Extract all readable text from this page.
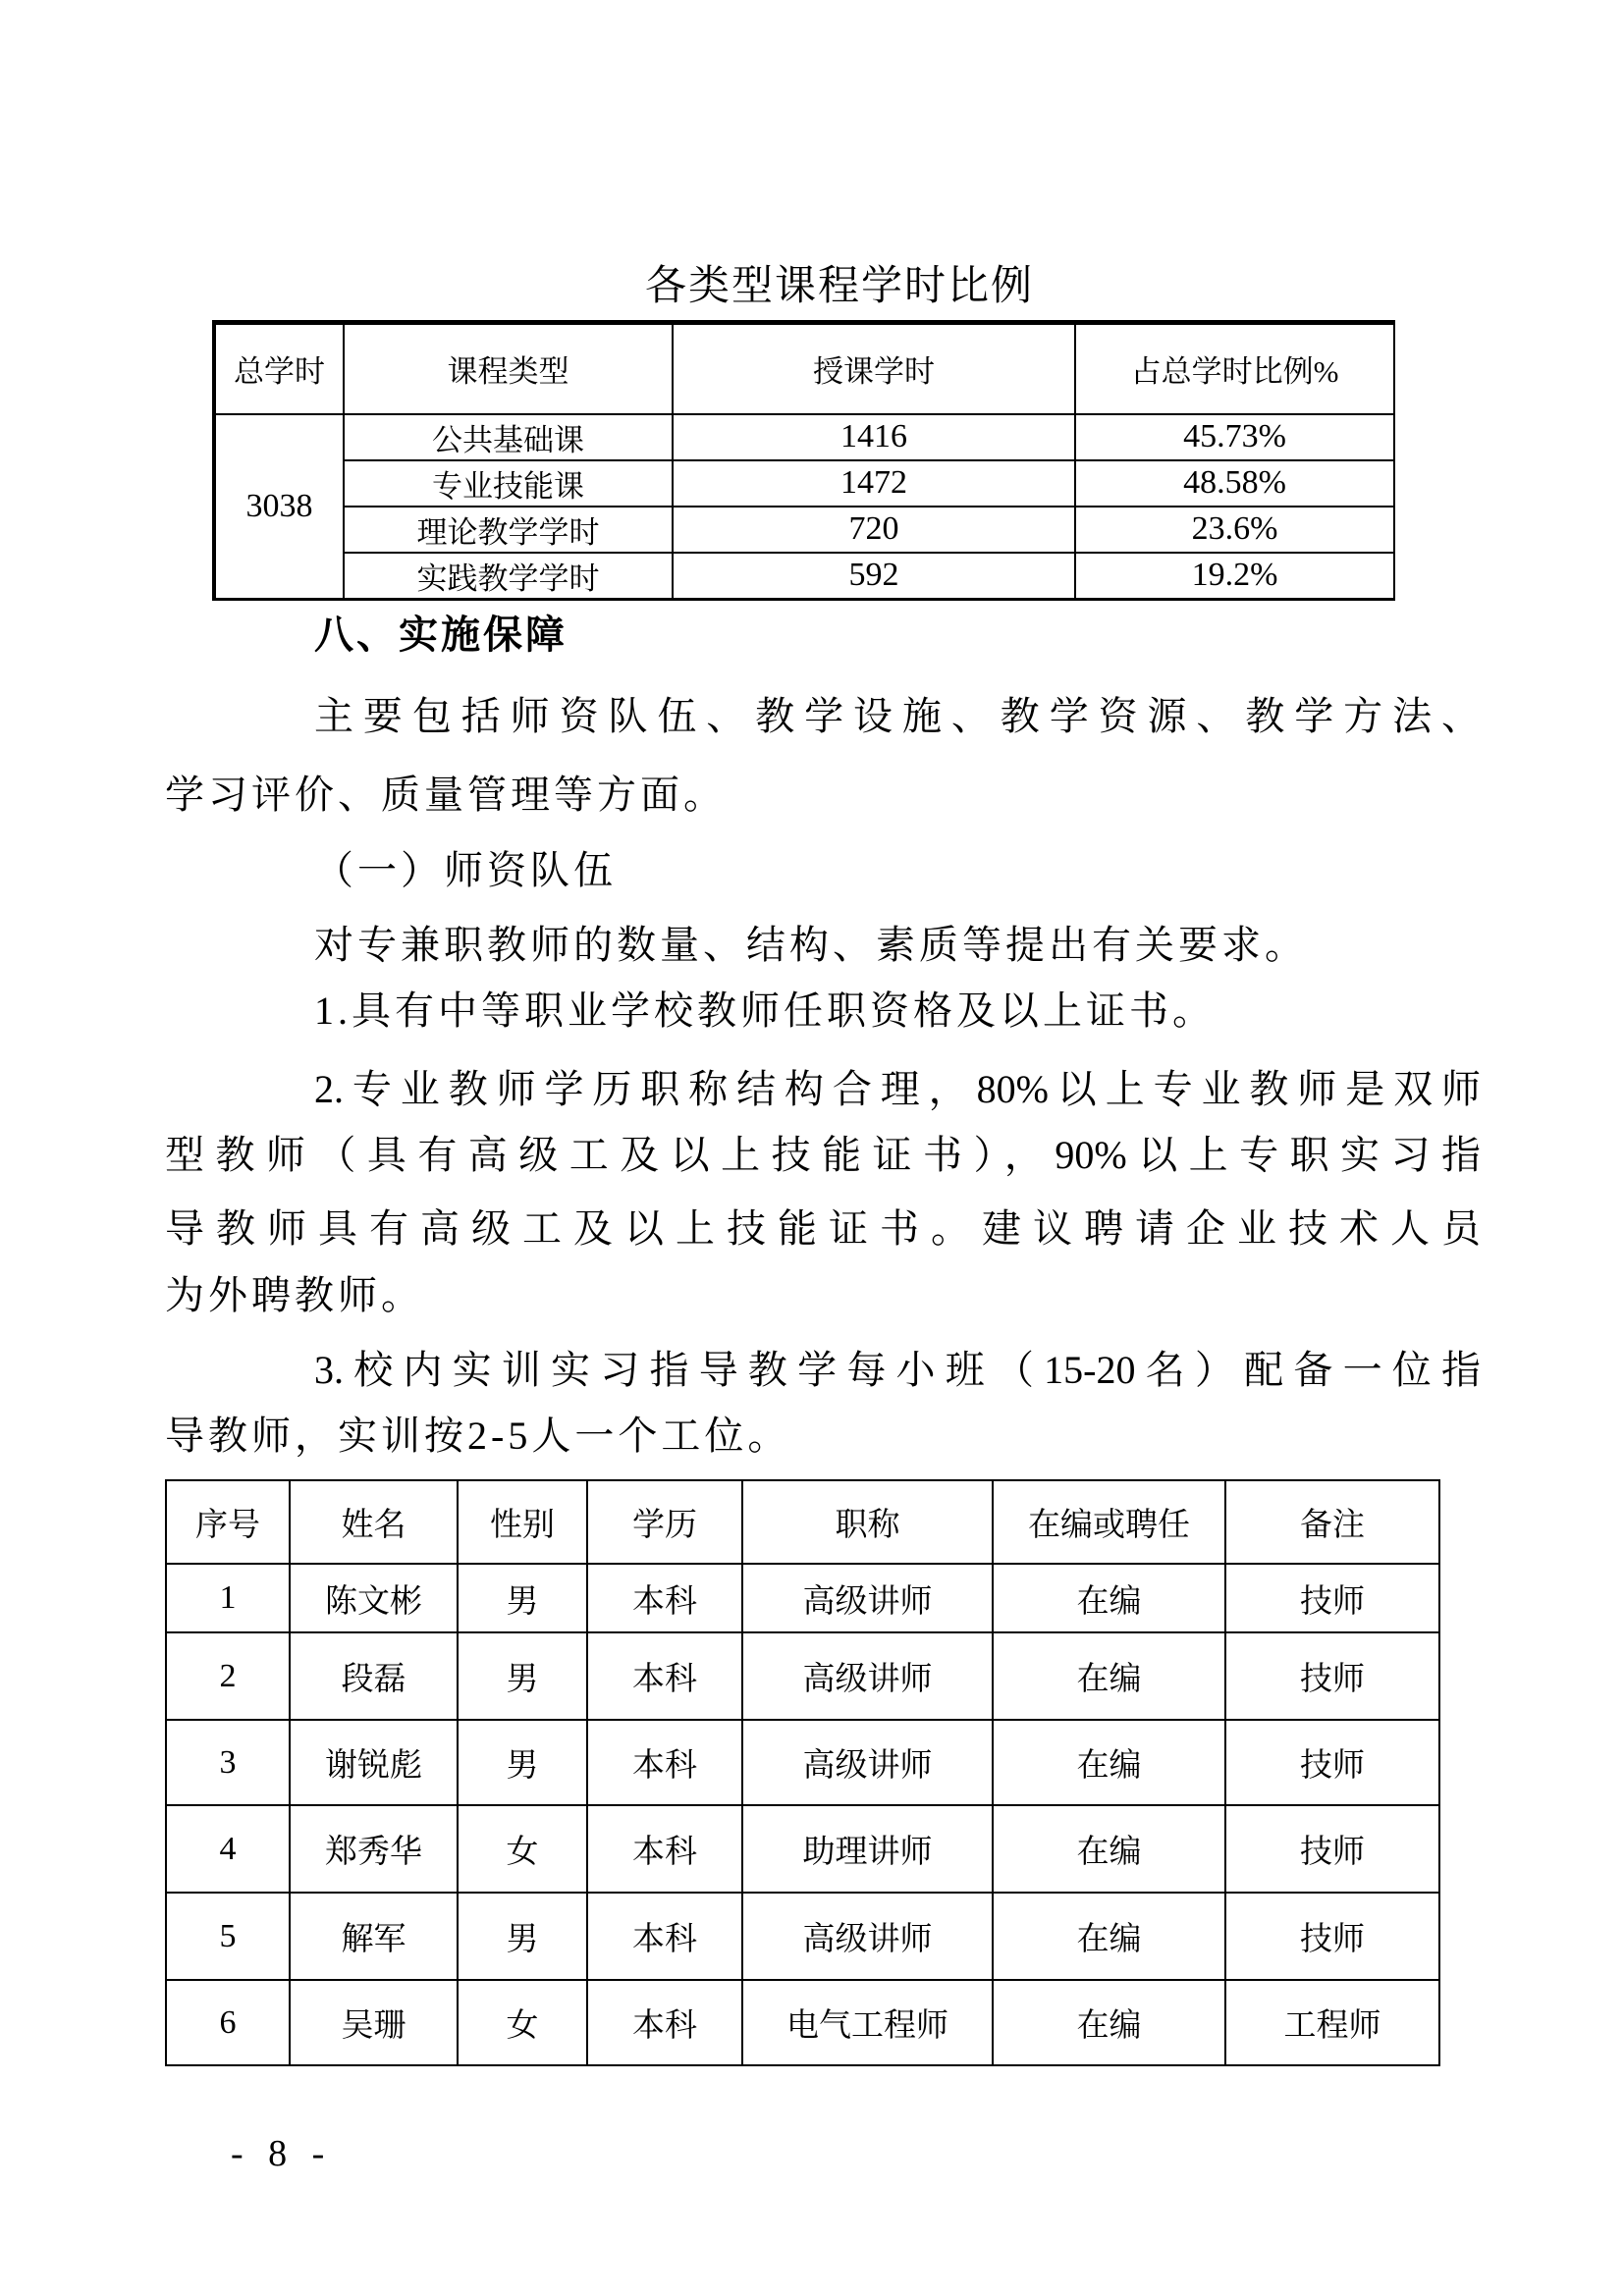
各类型课程学时比例
总学时	课程类型	授课学时	占总学时比例%
3038	公共基础课	1416	45.73%
	专业技能课	1472	48.58%
	理论教学学时	720	23.6%
	实践教学学时	592	19.2%
八、实施保障
主要包括师资队伍、教学设施、教学资源、教学方法、
学习评价、质量管理等方面。
（一）师资队伍
对专兼职教师的数量、结构、素质等提出有关要求。
1.具有中等职业学校教师任职资格及以上证书。
2.专业教师学历职称结构合理，80%以上专业教师是双师
型教师（具有高级工及以上技能证书），90%以上专职实习指
导教师具有高级工及以上技能证书。建议聘请企业技术人员
为外聘教师。
3.校内实训实习指导教学每小班（15-20名）配备一位指
导教师，实训按2-5人一个工位。
序号	姓名	性别	学历	职称	在编或聘任	备注
1	陈文彬	男	本科	高级讲师	在编	技师
2	段磊	男	本科	高级讲师	在编	技师
3	谢锐彪	男	本科	高级讲师	在编	技师
4	郑秀华	女	本科	助理讲师	在编	技师
5	解军	男	本科	高级讲师	在编	技师
6	吴珊	女	本科	电气工程师	在编	工程师
- 8 -
